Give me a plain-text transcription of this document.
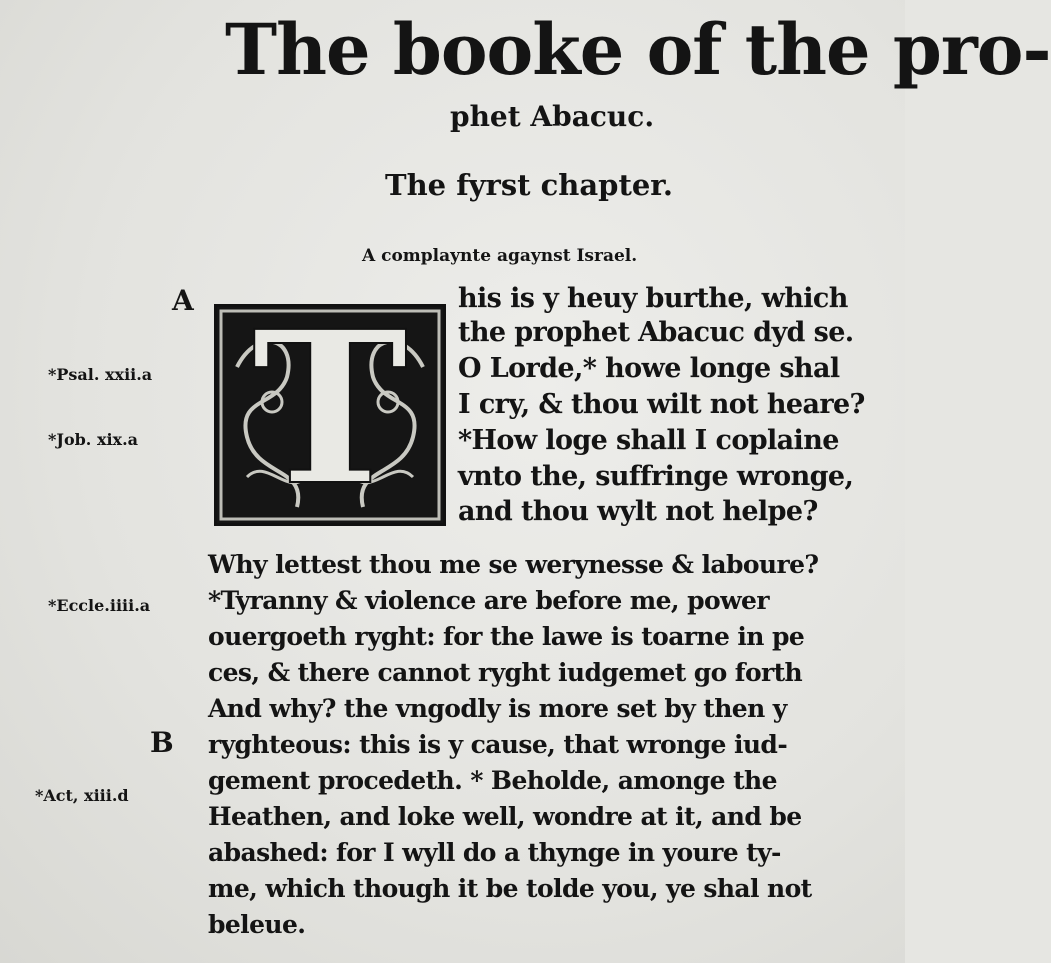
The booke of the pro-
phet Abacuc.
The fyrst chapter.
A complaynte agaynst Israel.
A
B
*Psal. xxii.a
*Job. xix.a
*Eccle.iiii.a
*Act, xiii.d
T	his is y heuy burthe, which
the prophet Abacuc dyd se.
O Lorde,* howe longe shal
I cry, & thou wilt not heare?
*How loge shall I coplaine
vnto the, suffringe wronge,
and thou wylt not helpe?
Why lettest thou me se werynesse & laboure?
*Tyranny & violence are before me, power
ouergoeth ryght: for the lawe is toarne in pe
ces, & there cannot ryght iudgemet go forth
And why? the vngodly is more set by then y
ryghteous: this is y cause, that wronge iud-
gement procedeth. * Beholde, amonge the
Heathen, and loke well, wondre at it, and be
abashed: for I wyll do a thynge in youre ty-
me, which though it be tolde you, ye shal not
beleue.
